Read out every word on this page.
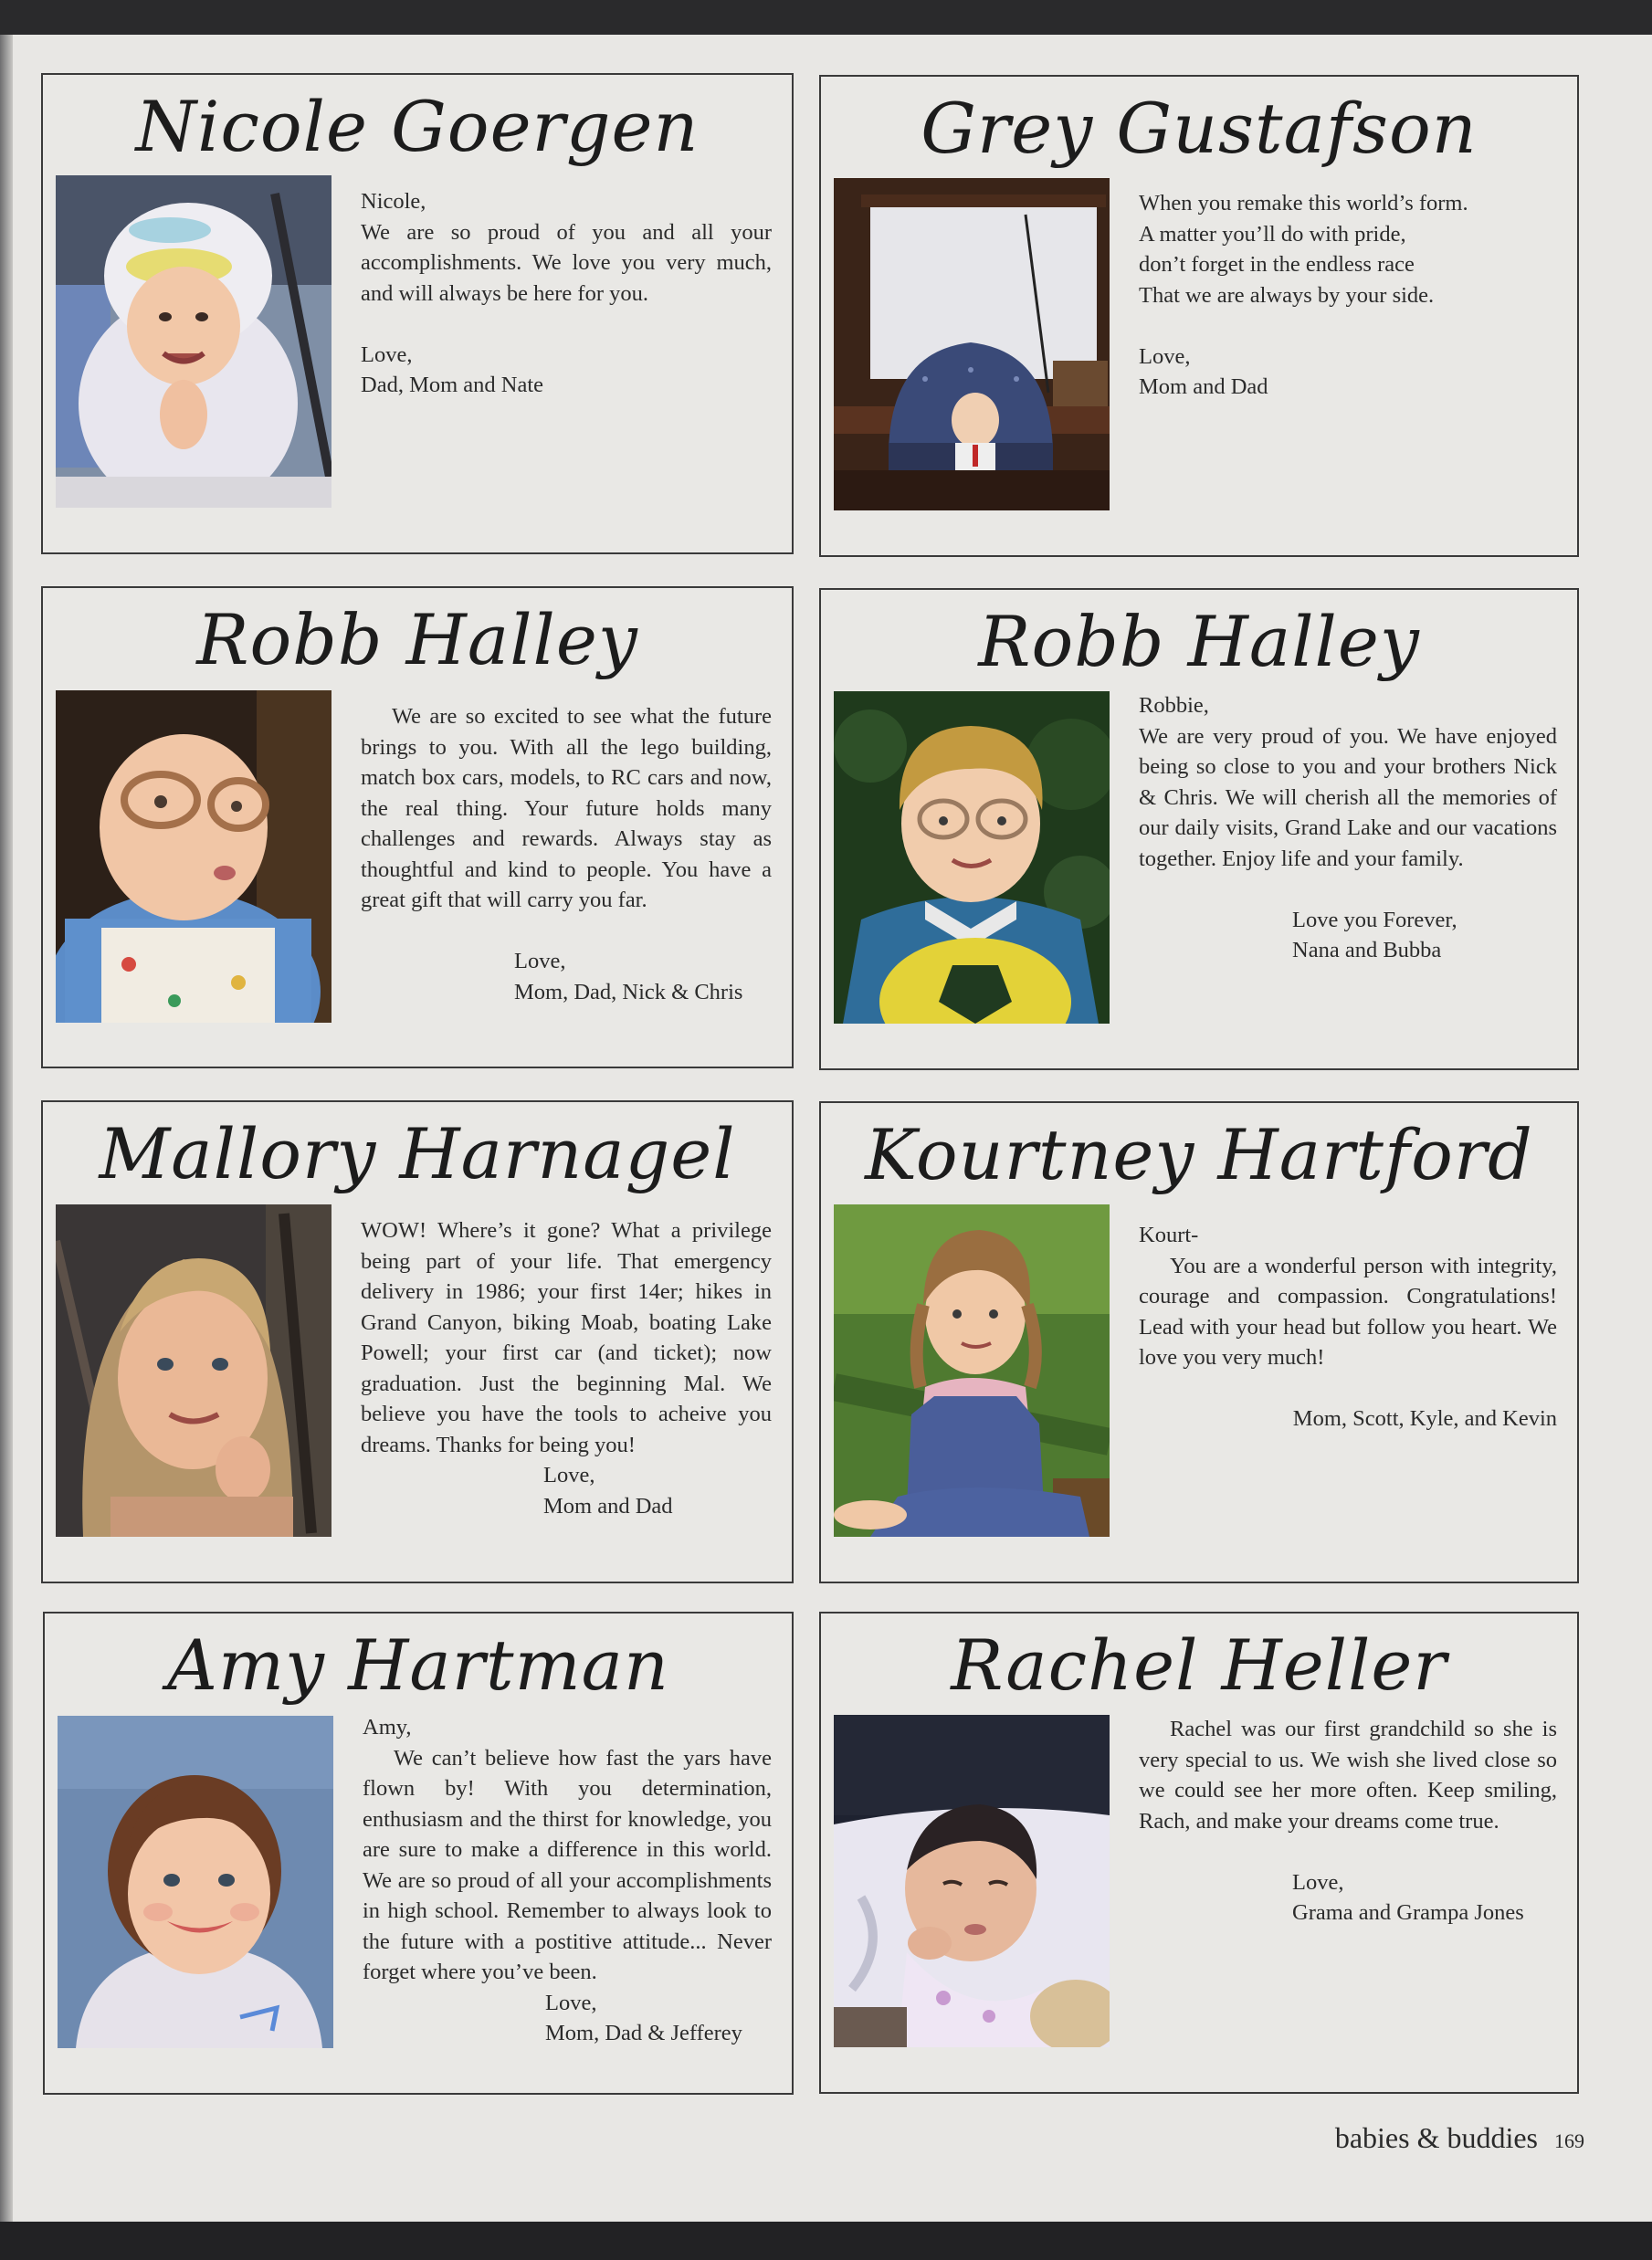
Nicole Goergen

Nicole,

We are so proud of you and all your accomplishments. We love you very much, and will always be here for you.

Love,

Dad, Mom and Nate

Grey Gustafson

When you remake this world’s form.

A matter you’ll do with pride,

don’t forget in the endless race

That we are always by your side.

Love,

Mom and Dad

Robb Halley

We are so excited to see what the future brings to you. With all the lego building, match box cars, models, to RC cars and now, the real thing. Your future holds many challenges and rewards. Always stay as thoughtful and kind to people. You have a great gift that will carry you far.

Love,

Mom, Dad, Nick & Chris

Robb Halley

Robbie,

We are very proud of you. We have enjoyed being so close to you and your brothers Nick & Chris. We will cherish all the memories of our daily visits, Grand Lake and our vacations together. Enjoy life and your family.

Love you Forever,

Nana and Bubba

Mallory Harnagel

WOW! Where’s it gone? What a privilege being part of your life. That emergency delivery in 1986; your first 14er; hikes in Grand Canyon, biking Moab, boating Lake Powell; your first car (and ticket); now graduation. Just the beginning Mal. We believe you have the tools to acheive you dreams. Thanks for being you!

Love,

Mom and Dad

Kourtney Hartford

Kourt-

You are a wonderful person with integrity, courage and compassion. Congratulations! Lead with your head but follow you heart. We love you very much!

Mom, Scott, Kyle, and Kevin

Amy Hartman

Amy,

We can’t believe how fast the yars have flown by! With you determination, enthusiasm and the thirst for knowledge, you are sure to make a difference in this world. We are so proud of all your accomplishments in high school. Remember to always look to the future with a postitive attitude... Never forget where you’ve been.

Love,

Mom, Dad & Jefferey

Rachel Heller

Rachel was our first grandchild so she is very special to us. We wish she lived close so we could see her more often. Keep smiling, Rach, and make your dreams come true.

Love,

Grama and Grampa Jones

babies & buddies 169
